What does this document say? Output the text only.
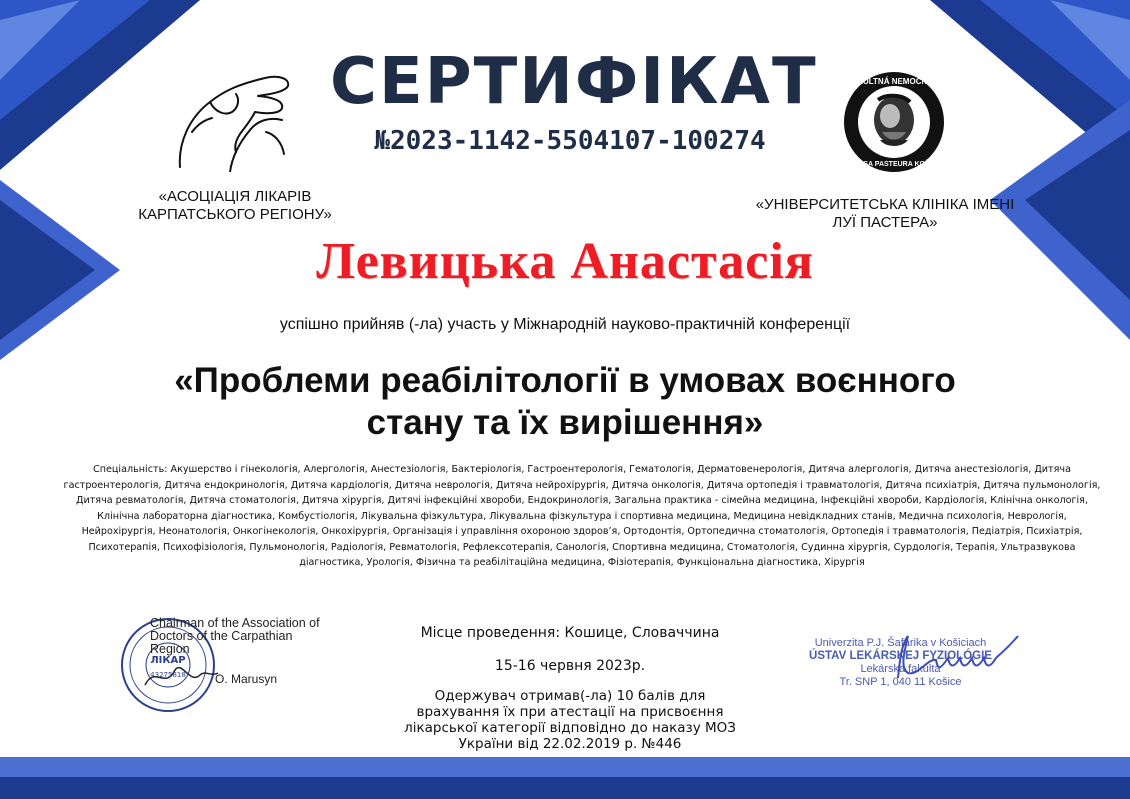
FAKULTNÁ NEMOCNICA
LOUISA PASTEURA KOŠICE
СЕРТИФІКАТ
№2023-1142-5504107-100274
«АСОЦІАЦІЯ ЛІКАРІВ КАРПАТСЬКОГО РЕГІОНУ»
«УНІВЕРСИТЕТСЬКА КЛІНІКА ІМЕНІ ЛУЇ ПАСТЕРА»
Левицька Анастасія
успішно прийняв (-ла) участь у Міжнародній науково-практичній конференції
«Проблеми реабілітології в умовах воєнного
стану та їх вирішення»
Спеціальність: Акушерство і гінекологія, Алергологія, Анестезіологія, Бактеріологія, Гастроентерологія, Гематологія, Дерматовенерологія, Дитяча алергологія, Дитяча анестезіологія, Дитяча гастроентерологія, Дитяча ендокринологія, Дитяча кардіологія, Дитяча неврологія, Дитяча нейрохірургія, Дитяча онкологія, Дитяча ортопедія і травматологія, Дитяча психіатрія, Дитяча пульмонологія, Дитяча ревматологія, Дитяча стоматологія, Дитяча хірургія, Дитячі інфекційні хвороби, Ендокринологія, Загальна практика - сімейна медицина, Інфекційні хвороби, Кардіологія, Клінічна онкологія, Клінічна лабораторна діагностика, Комбустіологія, Лікувальна фізкультура, Лікувальна фізкультура і спортивна медицина, Медицина невідкладних станів, Медична психологія, Неврологія, Нейрохірургія, Неонатологія, Онкогінекологія, Онкохірургія, Організація і управління охороною здоров’я, Ортодонтія, Ортопедична стоматологія, Ортопедія і травматологія, Педіатрія, Психіатрія, Психотерапія, Психофізіологія, Пульмонологія, Радіологія, Ревматологія, Рефлексотерапія, Санологія, Спортивна медицина, Стоматологія, Судинна хірургія, Сурдологія, Терапія, Ультразвукова діагностика, Урологія, Фізична та реабілітаційна медицина, Фізіотерапія, Функціональна діагностика, Хірургія
Місце проведення: Кошице, Словаччина
15-16 червня 2023р.
Одержувач отримав(-ла) 10 балів для врахування їх при атестації на присвоєння лікарської категорії відповідно до наказу МОЗ України від 22.02.2019 р. №446
ЛІКАР
43275818
Chairman of the Association of Doctors of the Carpathian Region
O. Marusyn
Univerzita P.J. Šafárika v Košiciach
ÚSTAV LEKÁRSKEJ FYZIOLÓGIE
Lekárska fakulta
Tr. SNP 1, 040 11 Košice
